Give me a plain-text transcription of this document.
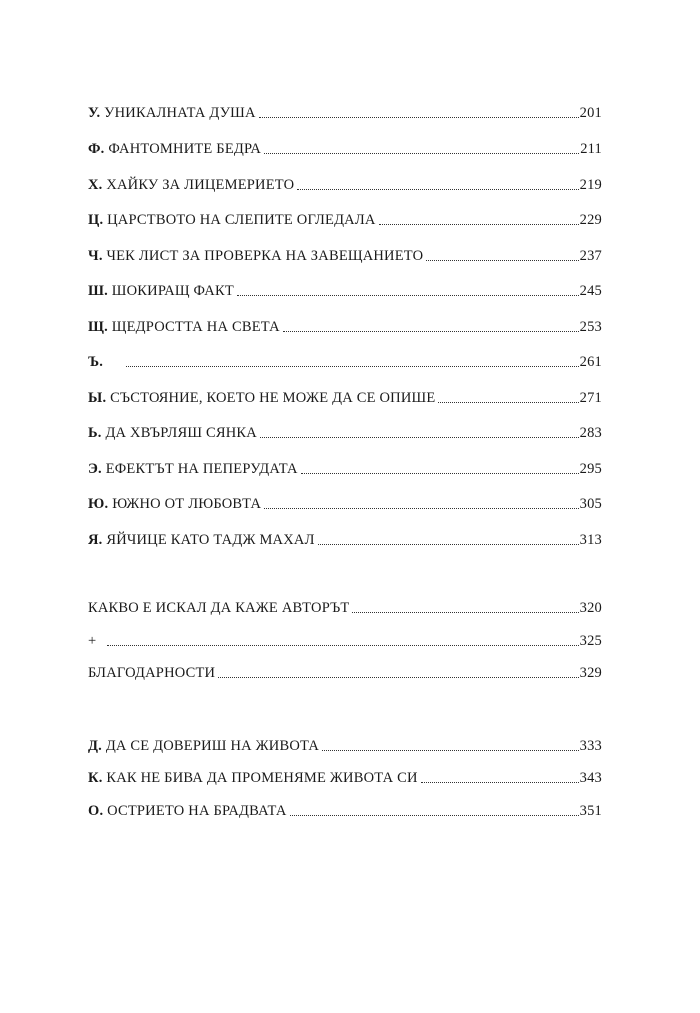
У. УНИКАЛНАТА ДУША	201
Ф. ФАНТОМНИТЕ БЕДРА	211
Х. ХАЙКУ ЗА ЛИЦЕМЕРИЕТО	219
Ц. ЦАРСТВОТО НА СЛЕПИТЕ ОГЛЕДАЛА	229
Ч. ЧЕК ЛИСТ ЗА ПРОВЕРКА НА ЗАВЕЩАНИЕТО	237
Ш. ШОКИРАЩ ФАКТ	245
Щ. ЩЕДРОСТТА НА СВЕТА	253
Ъ.	261
Ы. СЪСТОЯНИЕ, КОЕТО НЕ МОЖЕ ДА СЕ ОПИШЕ	271
Ь. ДА ХВЪРЛЯШ СЯНКА	283
Э. ЕФЕКТЪТ НА ПЕПЕРУДАТА	295
Ю. ЮЖНО ОТ ЛЮБОВТА	305
Я. ЯЙЧИЦЕ КАТО ТАДЖ МАХАЛ	313
КАКВО Е ИСКАЛ ДА КАЖЕ АВТОРЪТ	320
+	325
БЛАГОДАРНОСТИ	329
Д. ДА СЕ ДОВЕРИШ НА ЖИВОТА	333
К. КАК НЕ БИВА ДА ПРОМЕНЯМЕ ЖИВОТА СИ	343
О. ОСТРИЕТО НА БРАДВАТА	351
